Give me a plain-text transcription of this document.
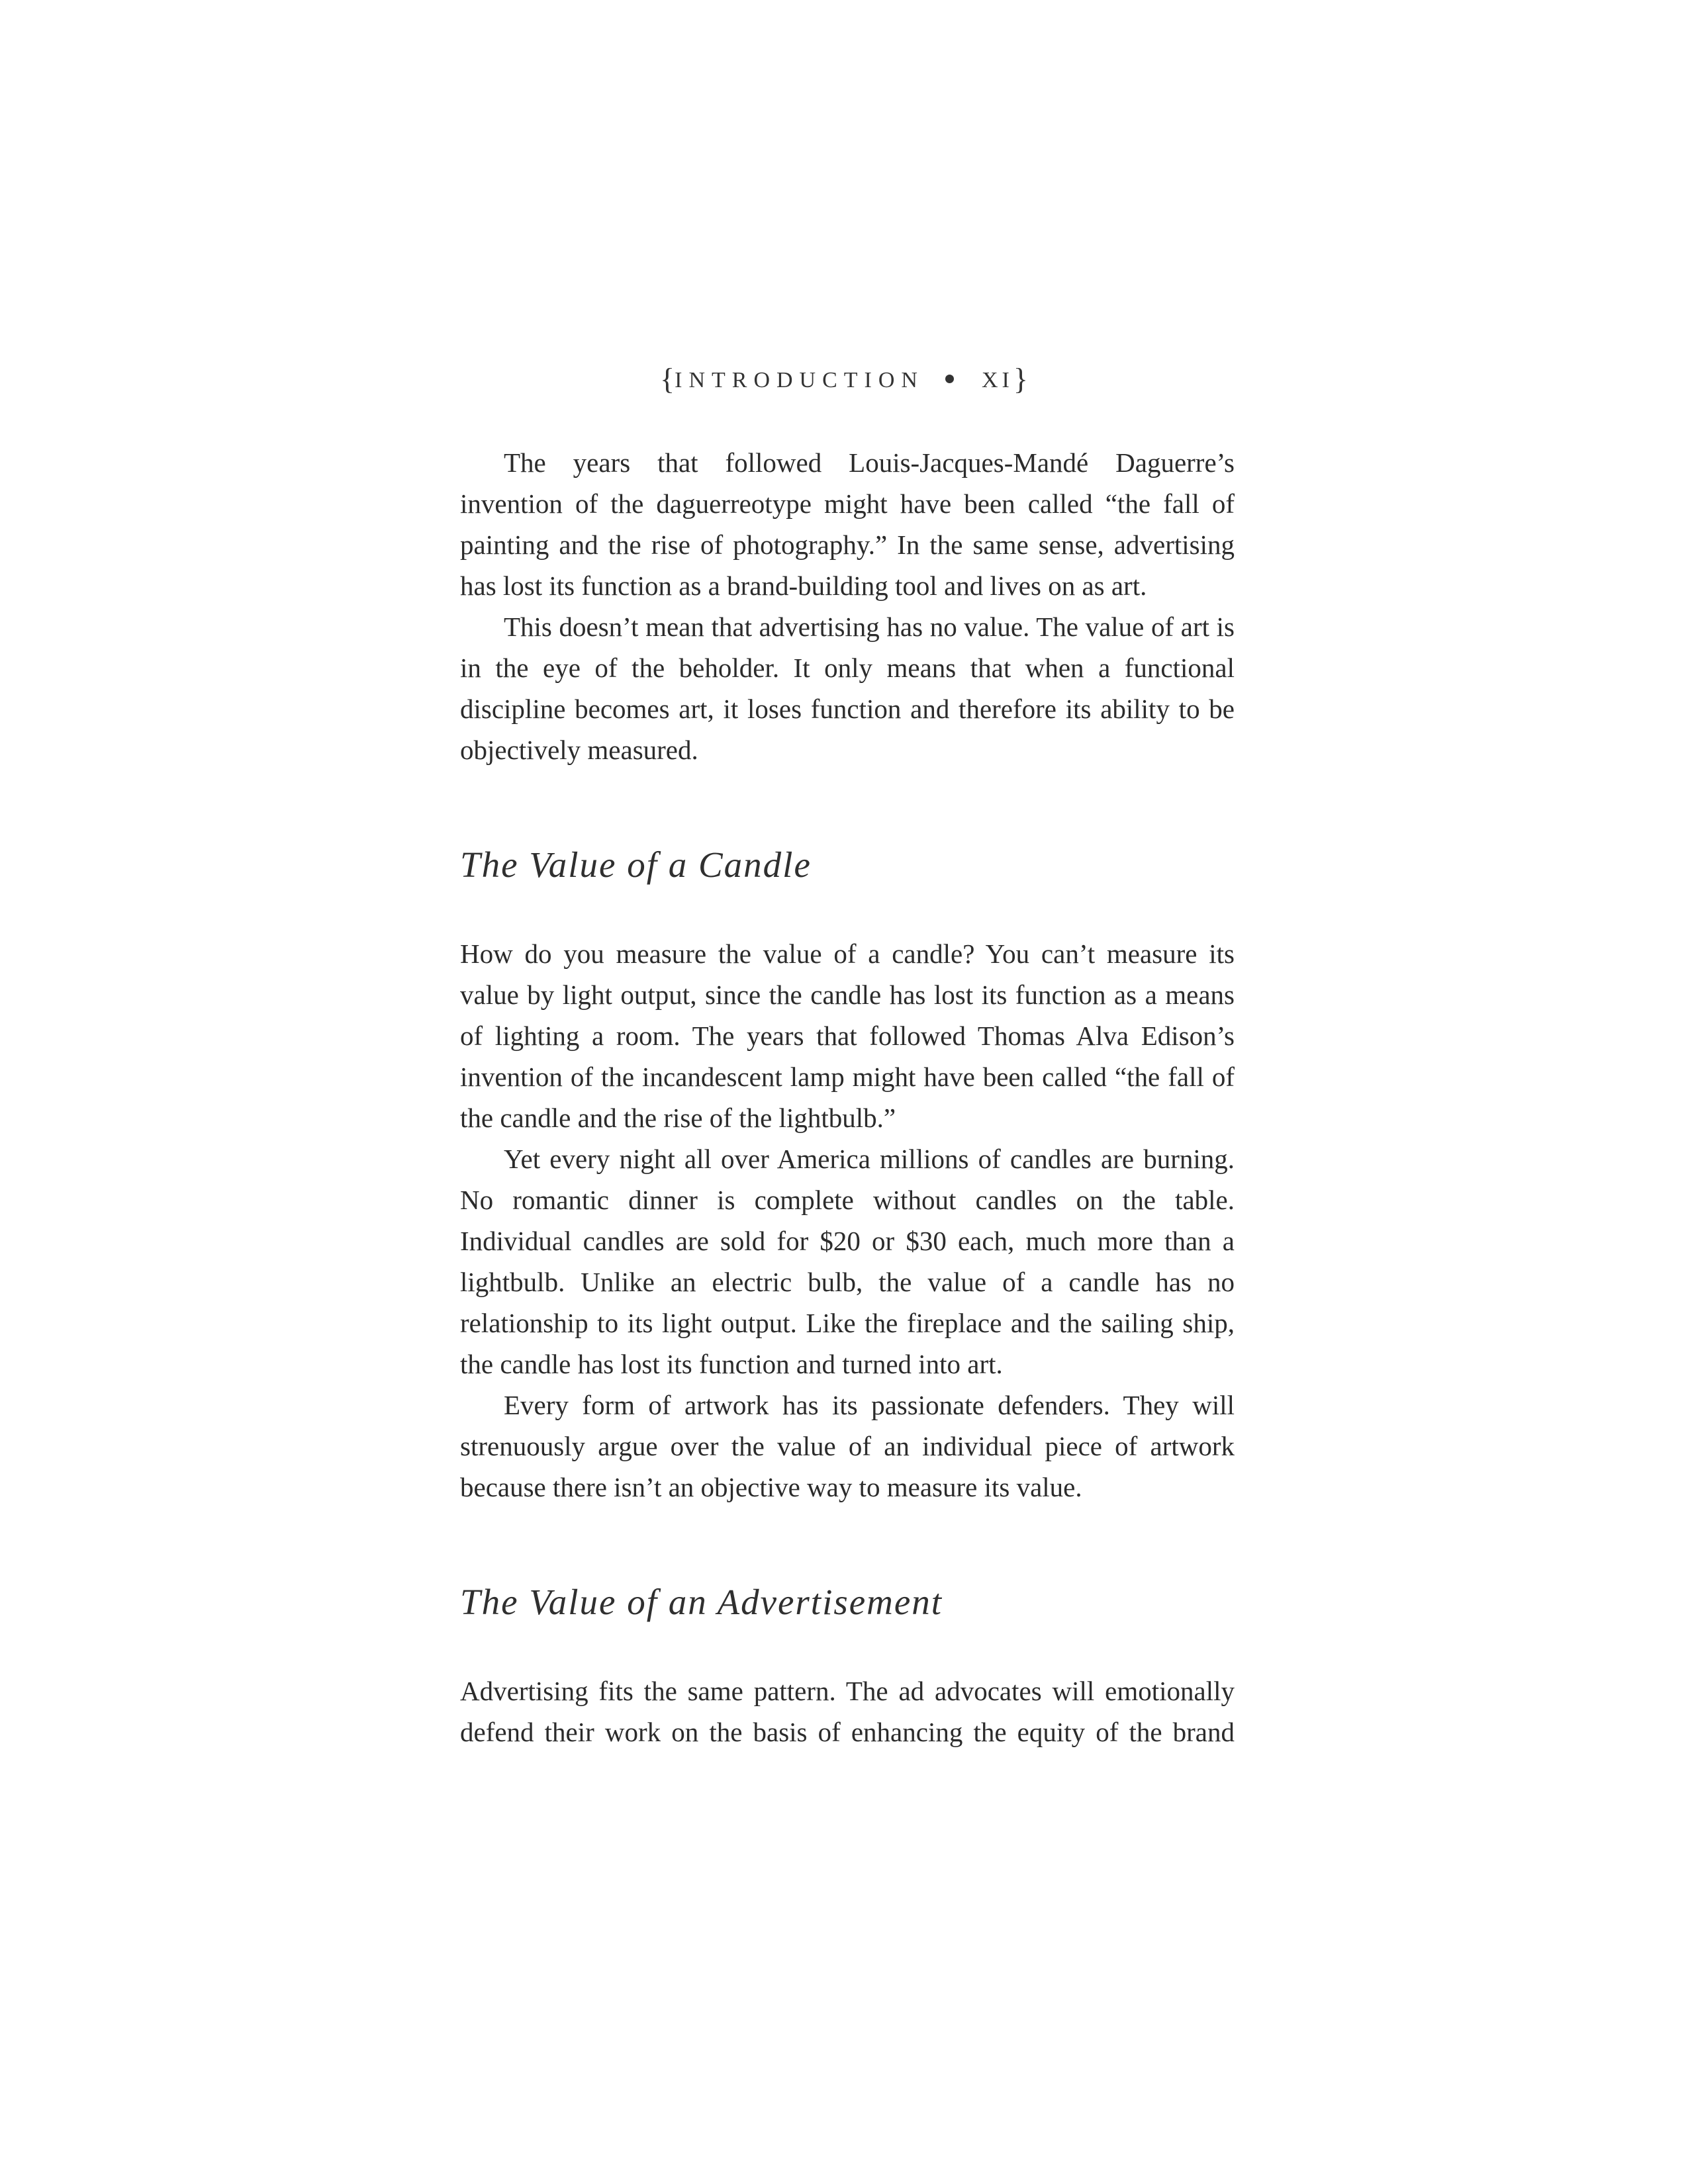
{INTRODUCTION	XI}

The years that followed Louis-Jacques-Mandé Daguerre’s invention of the daguerreotype might have been called “the fall of painting and the rise of photography.” In the same sense, advertising has lost its function as a brand-building tool and lives on as art.

This doesn’t mean that advertising has no value. The value of art is in the eye of the beholder. It only means that when a functional discipline becomes art, it loses function and therefore its ability to be objectively measured.

The Value of a Candle

How do you measure the value of a candle? You can’t measure its value by light output, since the candle has lost its function as a means of lighting a room. The years that followed Thomas Alva Edison’s invention of the incandescent lamp might have been called “the fall of the candle and the rise of the lightbulb.”

Yet every night all over America millions of candles are burning. No romantic dinner is complete without candles on the table. Individual candles are sold for $20 or $30 each, much more than a lightbulb. Unlike an electric bulb, the value of a candle has no relationship to its light output. Like the fireplace and the sailing ship, the candle has lost its function and turned into art.

Every form of artwork has its passionate defenders. They will strenuously argue over the value of an individual piece of artwork because there isn’t an objective way to measure its value.

The Value of an Advertisement

Advertising fits the same pattern. The ad advocates will emotionally defend their work on the basis of enhancing the equity of the brand
